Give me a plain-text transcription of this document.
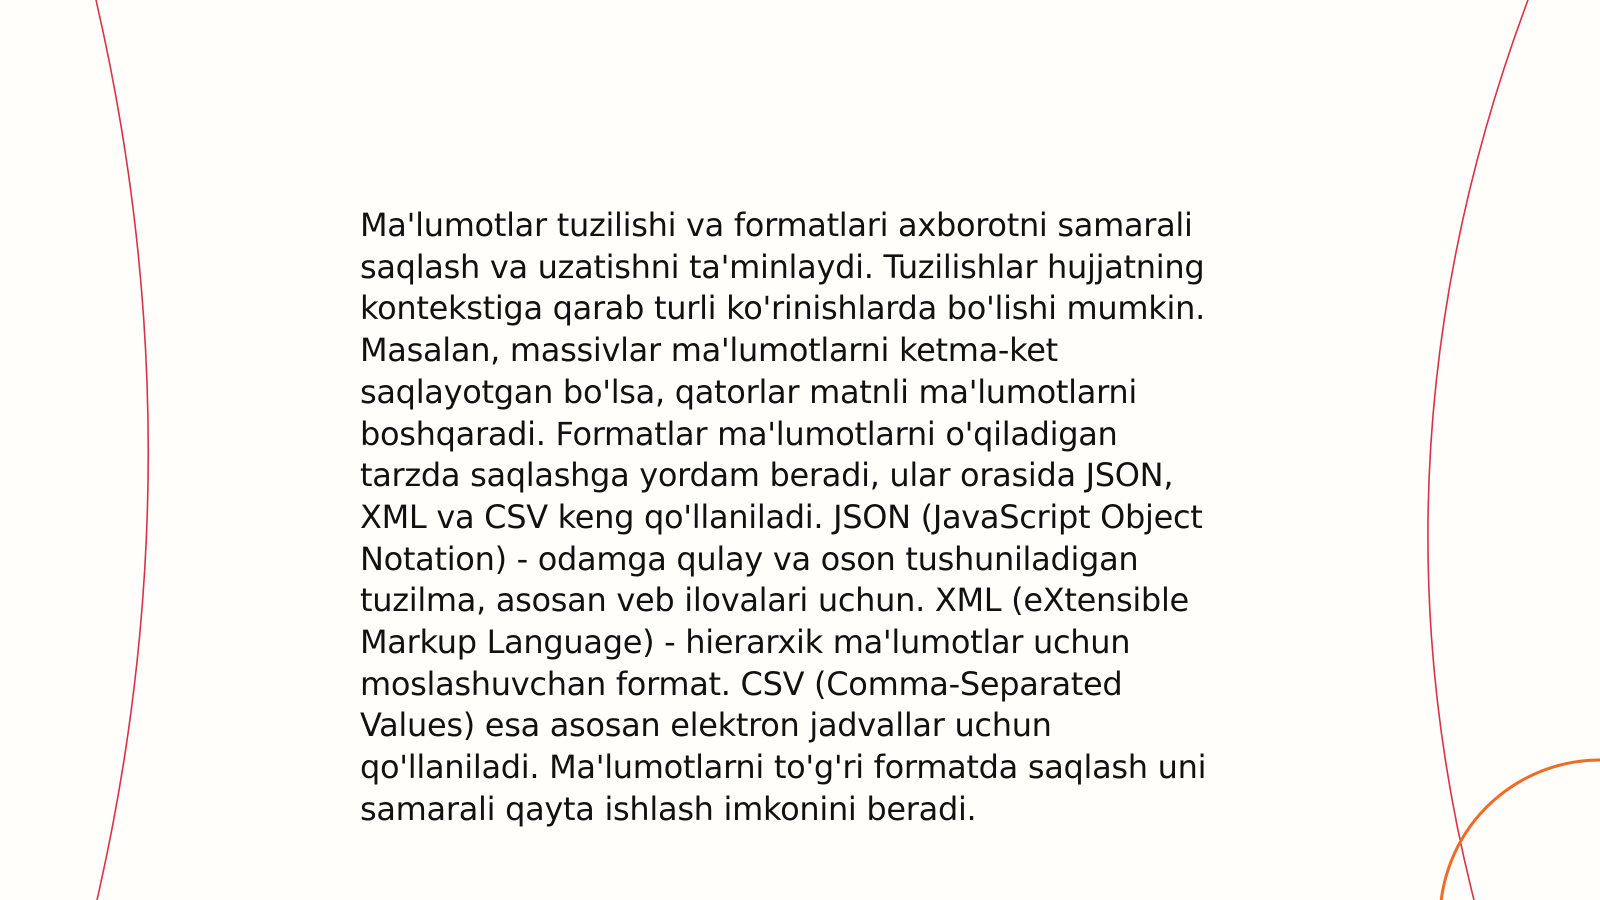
Ma'lumotlar tuzilishi va formatlari axborotni samarali
saqlash va uzatishni ta'minlaydi. Tuzilishlar hujjatning
kontekstiga qarab turli ko'rinishlarda bo'lishi mumkin.
Masalan, massivlar ma'lumotlarni ketma-ket
saqlayotgan bo'lsa, qatorlar matnli ma'lumotlarni
boshqaradi. Formatlar ma'lumotlarni o'qiladigan
tarzda saqlashga yordam beradi, ular orasida JSON,
XML va CSV keng qo'llaniladi. JSON (JavaScript Object
Notation) - odamga qulay va oson tushuniladigan
tuzilma, asosan veb ilovalari uchun. XML (eXtensible
Markup Language) - hierarxik ma'lumotlar uchun
moslashuvchan format. CSV (Comma-Separated
Values) esa asosan elektron jadvallar uchun
qo'llaniladi. Ma'lumotlarni to'g'ri formatda saqlash uni
samarali qayta ishlash imkonini beradi.
